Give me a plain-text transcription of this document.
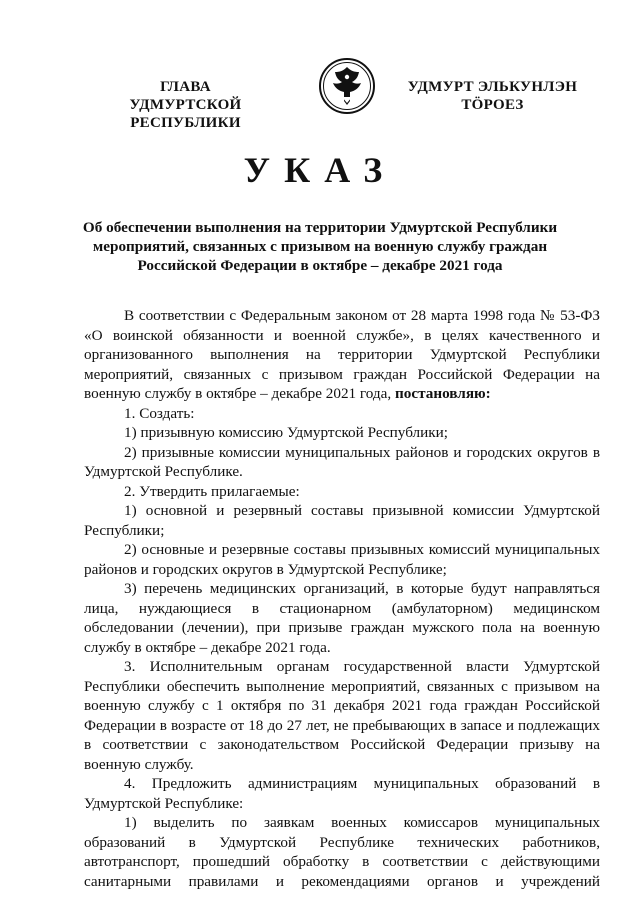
ГЛАВА
УДМУРТСКОЙ РЕСПУБЛИКИ
УДМУРТ ЭЛЬКУНЛЭН
ТӦРОЕЗ
УКАЗ
Об обеспечении выполнения на территории Удмуртской Республики
мероприятий, связанных с призывом на военную службу граждан
Российской Федерации в октябре – декабре 2021 года

В соответствии с Федеральным законом от 28 марта 1998 года № 53-ФЗ «О воинской обязанности и военной службе», в целях качественного и организованного выполнения на территории Удмуртской Республики мероприятий, связанных с призывом граждан Российской Федерации на военную службу в октябре – декабре 2021 года, постановляю:

1. Создать:

1) призывную комиссию Удмуртской Республики;

2) призывные комиссии муниципальных районов и городских округов в Удмуртской Республике.

2. Утвердить прилагаемые:

1) основной и резервный составы призывной комиссии Удмуртской Республики;

2) основные и резервные составы призывных комиссий муниципальных районов и городских округов в Удмуртской Республике;

3) перечень медицинских организаций, в которые будут направляться лица, нуждающиеся в стационарном (амбулаторном) медицинском обследовании (лечении), при призыве граждан мужского пола на военную службу в октябре – декабре 2021 года.

3. Исполнительным органам государственной власти Удмуртской Республики обеспечить выполнение мероприятий, связанных с призывом на военную службу с 1 октября по 31 декабря 2021 года граждан Российской Федерации в возрасте от 18 до 27 лет, не пребывающих в запасе и подлежащих в соответствии с законодательством Российской Федерации призыву на военную службу.

4. Предложить администрациям муниципальных образований в Удмуртской Республике:

1) выделить по заявкам военных комиссаров муниципальных образований в Удмуртской Республике технических работников, автотранспорт, прошедший обработку в соответствии с действующими санитарными правилами и рекомендациями органов и учреждений
